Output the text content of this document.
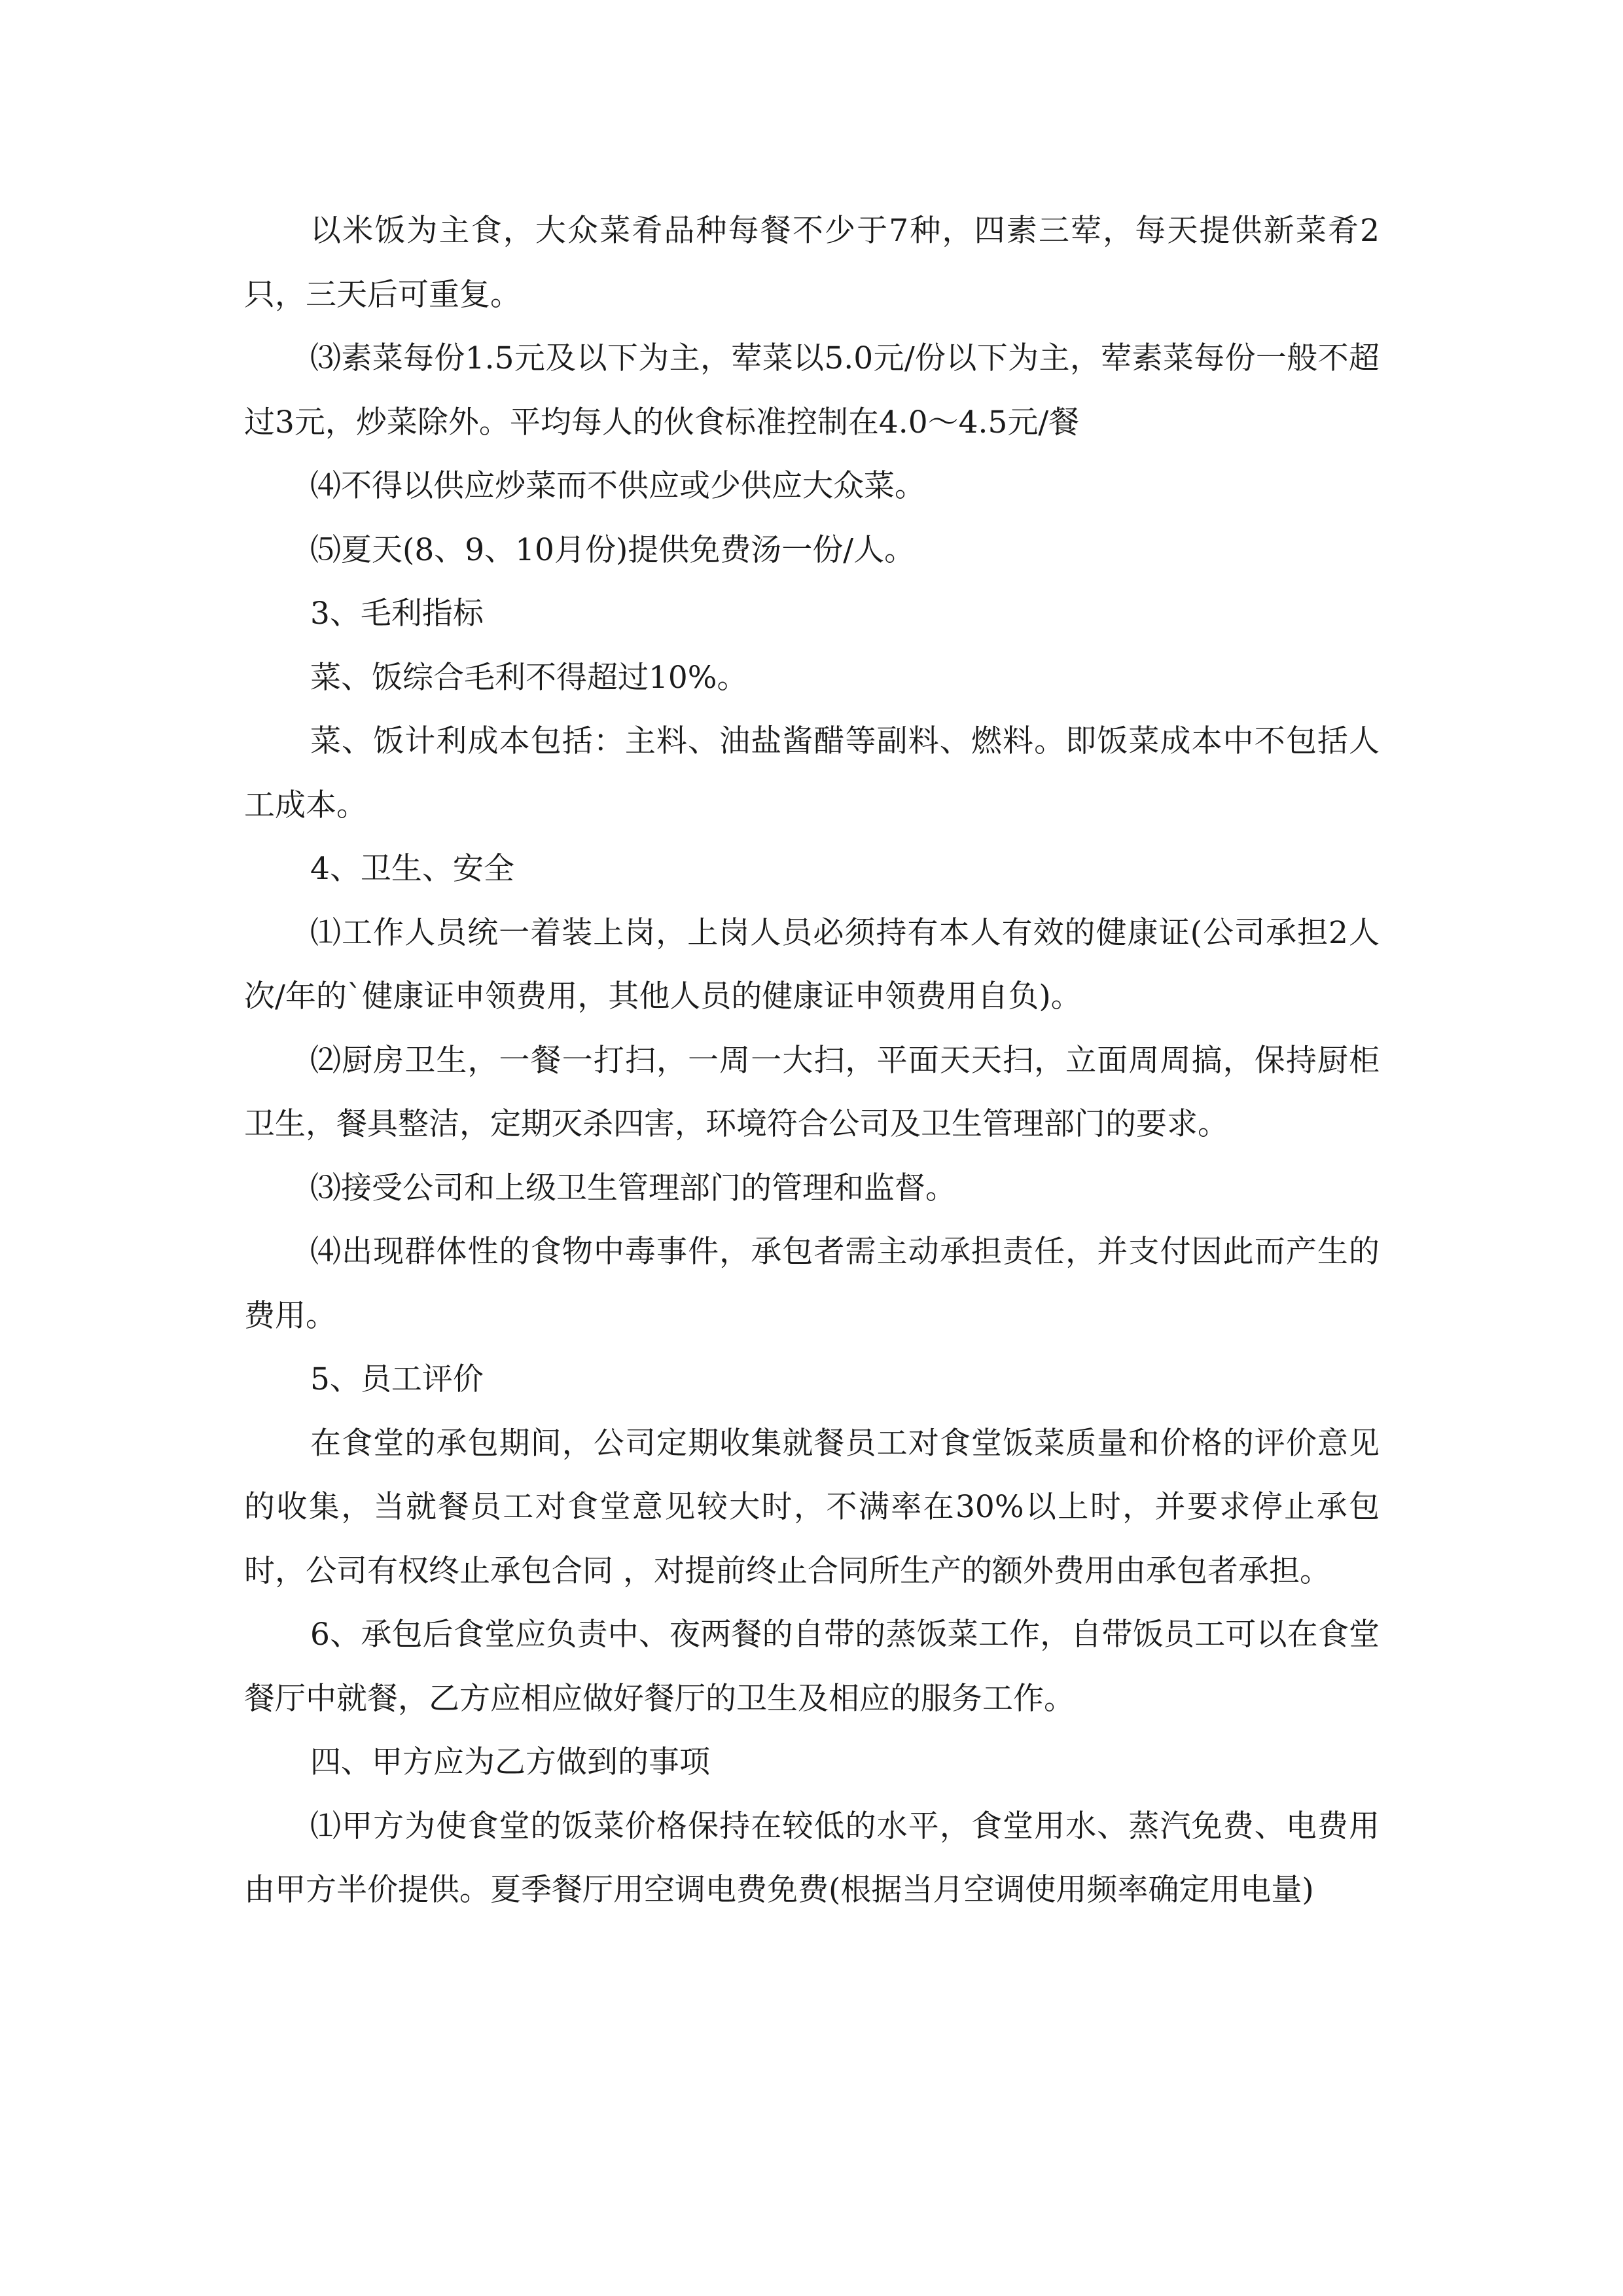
以米饭为主食，大众菜肴品种每餐不少于7种，四素三荤，每天提供新菜肴2只，三天后可重复。

⑶素菜每份1.5元及以下为主，荤菜以5.0元/份以下为主，荤素菜每份一般不超过3元，炒菜除外。平均每人的伙食标准控制在4.0～4.5元/餐

⑷不得以供应炒菜而不供应或少供应大众菜。

⑸夏天(8、9、10月份)提供免费汤一份/人。

3、毛利指标

菜、饭综合毛利不得超过10%。

菜、饭计利成本包括：主料、油盐酱醋等副料、燃料。即饭菜成本中不包括人工成本。

4、卫生、安全

⑴工作人员统一着装上岗，上岗人员必须持有本人有效的健康证(公司承担2人次/年的`健康证申领费用，其他人员的健康证申领费用自负)。

⑵厨房卫生，一餐一打扫，一周一大扫，平面天天扫，立面周周搞，保持厨柜卫生，餐具整洁，定期灭杀四害，环境符合公司及卫生管理部门的要求。

⑶接受公司和上级卫生管理部门的管理和监督。

⑷出现群体性的食物中毒事件，承包者需主动承担责任，并支付因此而产生的费用。

5、员工评价

在食堂的承包期间，公司定期收集就餐员工对食堂饭菜质量和价格的评价意见的收集，当就餐员工对食堂意见较大时，不满率在30%以上时，并要求停止承包时，公司有权终止承包合同 ，对提前终止合同所生产的额外费用由承包者承担。

6、承包后食堂应负责中、夜两餐的自带的蒸饭菜工作，自带饭员工可以在食堂餐厅中就餐，乙方应相应做好餐厅的卫生及相应的服务工作。

四、甲方应为乙方做到的事项

⑴甲方为使食堂的饭菜价格保持在较低的水平，食堂用水、蒸汽免费、电费用由甲方半价提供。夏季餐厅用空调电费免费(根据当月空调使用频率确定用电量)
